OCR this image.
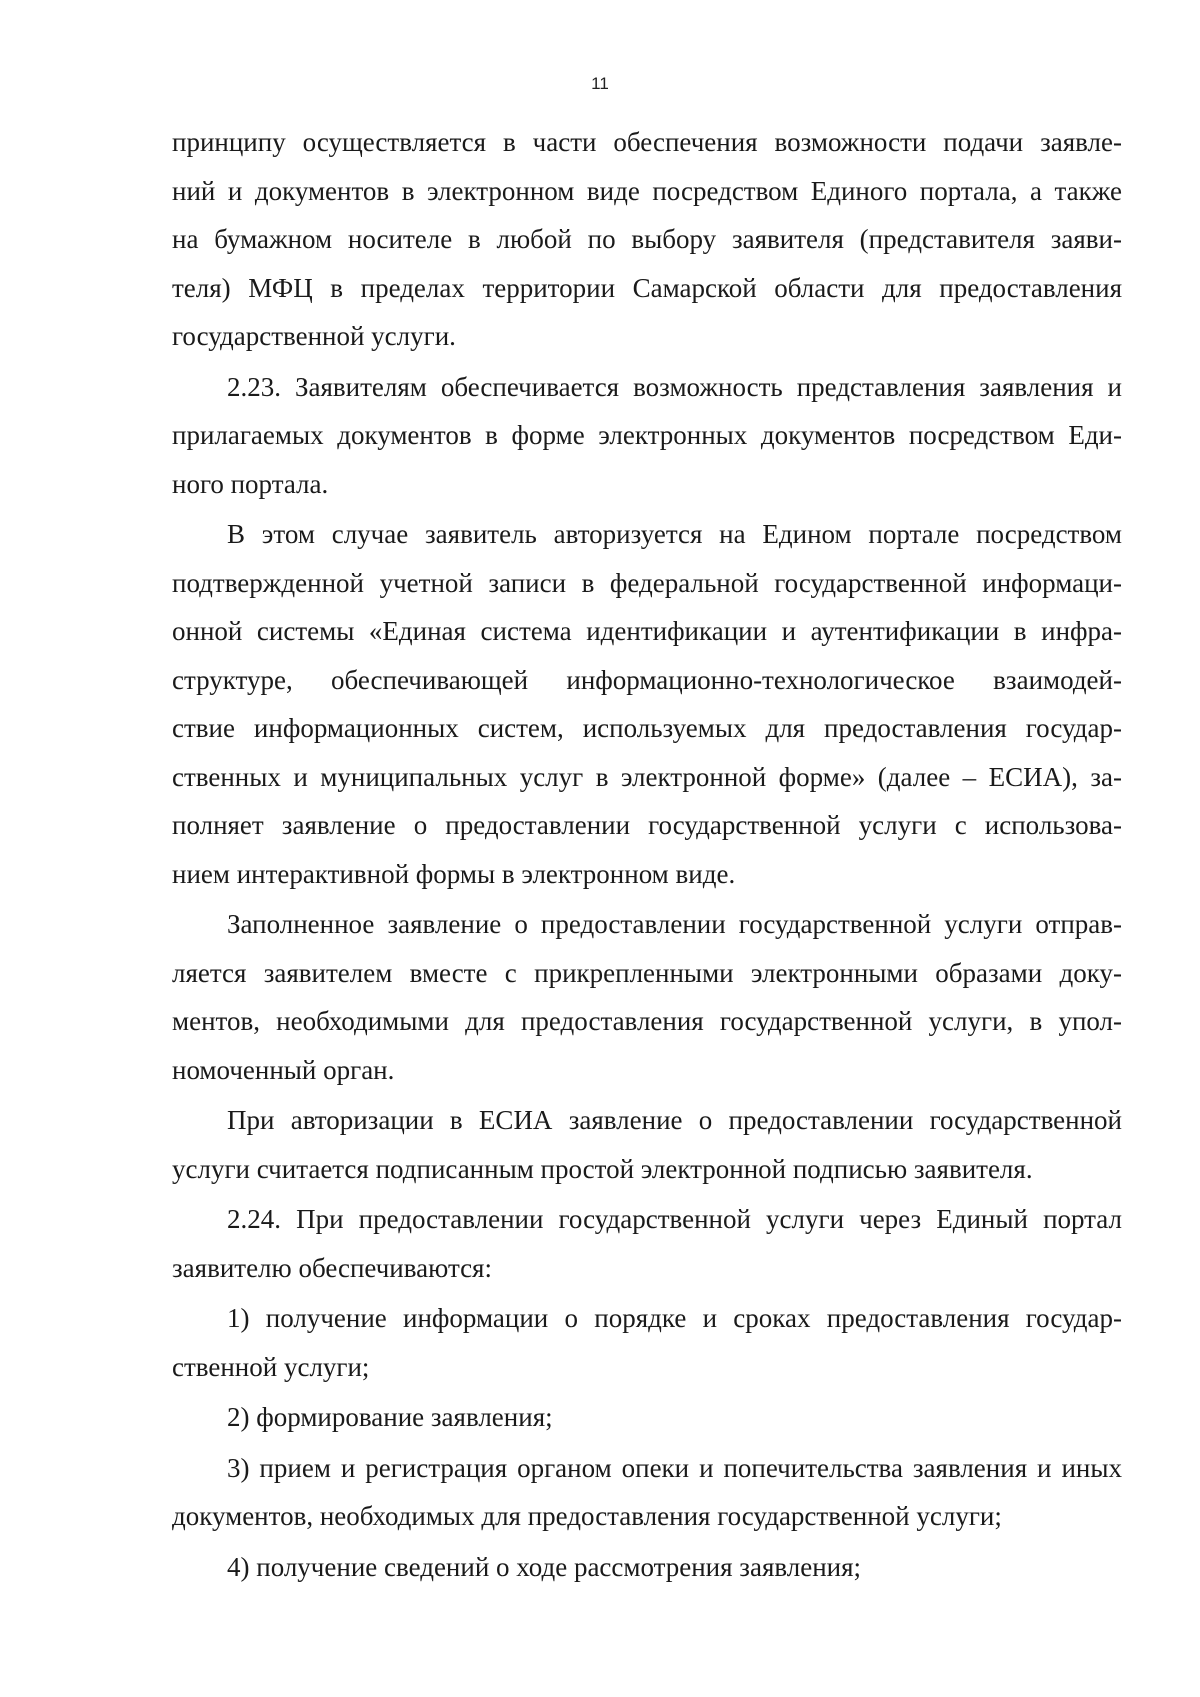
11

принципу осуществляется в части обеспечения возможности подачи заявле-
ний и документов в электронном виде посредством Единого портала, а также
на бумажном носителе в любой по выбору заявителя (представителя заяви-
теля) МФЦ в пределах территории Самарской области для предоставления
государственной услуги.

2.23. Заявителям обеспечивается возможность представления заявления и
прилагаемых документов в форме электронных документов посредством Еди-
ного портала.

В этом случае заявитель авторизуется на Едином портале посредством
подтвержденной учетной записи в федеральной государственной информаци-
онной системы «Единая система идентификации и аутентификации в инфра-
структуре, обеспечивающей информационно-технологическое взаимодей-
ствие информационных систем, используемых для предоставления государ-
ственных и муниципальных услуг в электронной форме» (далее – ЕСИА), за-
полняет заявление о предоставлении государственной услуги с использова-
нием интерактивной формы в электронном виде.

Заполненное заявление о предоставлении государственной услуги отправ-
ляется заявителем вместе с прикрепленными электронными образами доку-
ментов, необходимыми для предоставления государственной услуги, в упол-
номоченный орган.

При авторизации в ЕСИА заявление о предоставлении государственной
услуги считается подписанным простой электронной подписью заявителя.

2.24. При предоставлении государственной услуги через Единый портал
заявителю обеспечиваются:

1) получение информации о порядке и сроках предоставления государ-
ственной услуги;

2) формирование заявления;

3) прием и регистрация органом опеки и попечительства заявления и иных
документов, необходимых для предоставления государственной услуги;

4) получение сведений о ходе рассмотрения заявления;
